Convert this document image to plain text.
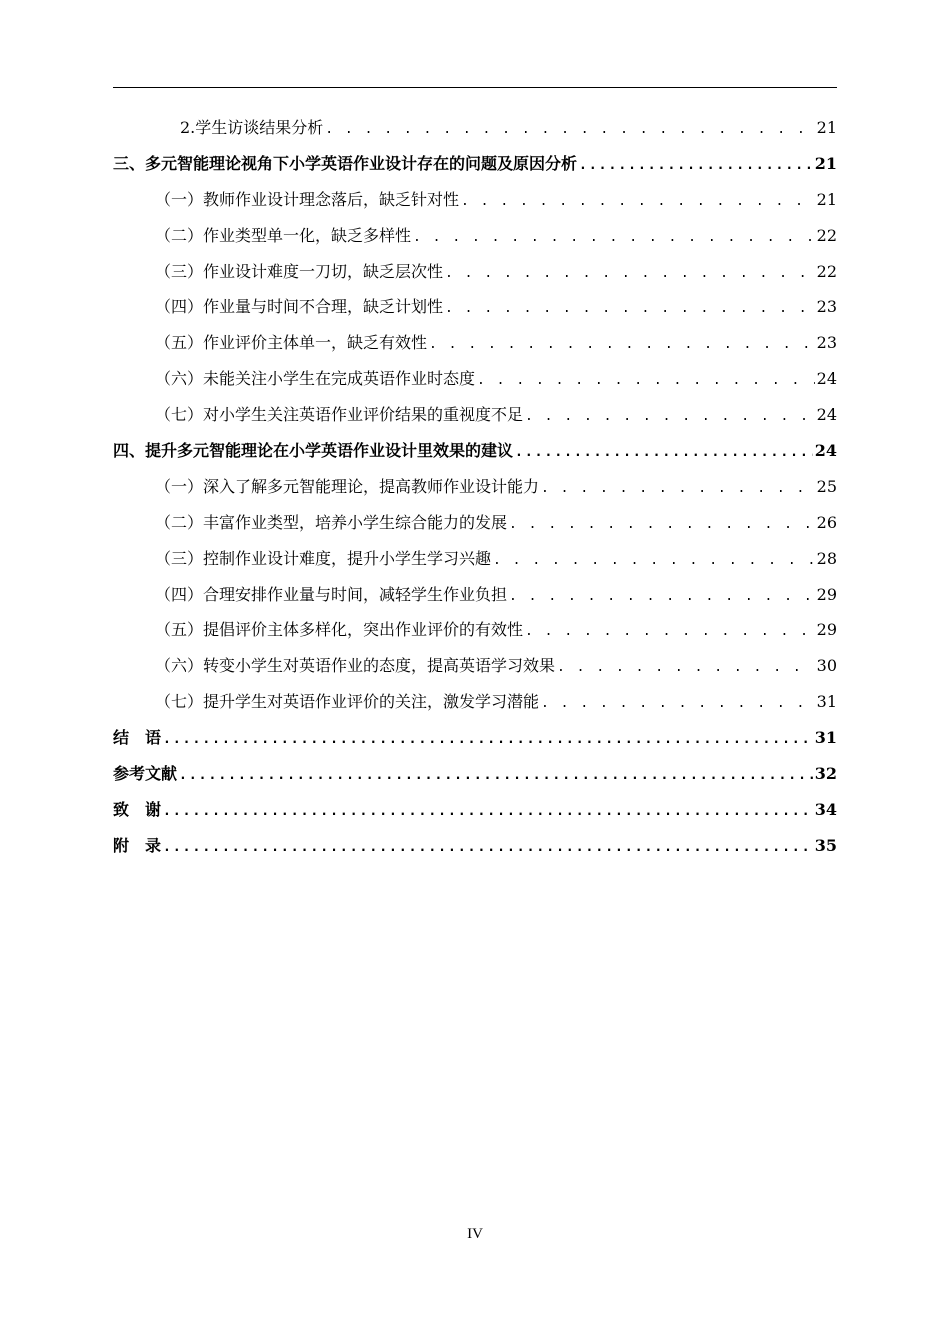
2.学生访谈结果分析 . . .	21
三、多元智能理论视角下小学英语作业设计存在的问题及原因分析 .....	21
（一）教师作业设计理念落后，缺乏针对性 . . .	21
（二）作业类型单一化，缺乏多样性 . . .	22
（三）作业设计难度一刀切，缺乏层次性 . . .	22
（四）作业量与时间不合理，缺乏计划性 . . .	23
（五）作业评价主体单一，缺乏有效性 . . .	23
（六）未能关注小学生在完成英语作业时态度 . . .	24
（七）对小学生关注英语作业评价结果的重视度不足 . . .	24
四、提升多元智能理论在小学英语作业设计里效果的建议 .....	24
（一）深入了解多元智能理论，提高教师作业设计能力 . . .	25
（二）丰富作业类型，培养小学生综合能力的发展 . . .	26
（三）控制作业设计难度，提升小学生学习兴趣 . . .	28
（四）合理安排作业量与时间，减轻学生作业负担 . . .	29
（五）提倡评价主体多样化，突出作业评价的有效性 . . .	29
（六）转变小学生对英语作业的态度，提高英语学习效果 . . .	30
（七）提升学生对英语作业评价的关注，激发学习潜能 . . .	31
结　语 .....	31
参考文献 .....	32
致　谢 .....	34
附　录 .....	35
IV
